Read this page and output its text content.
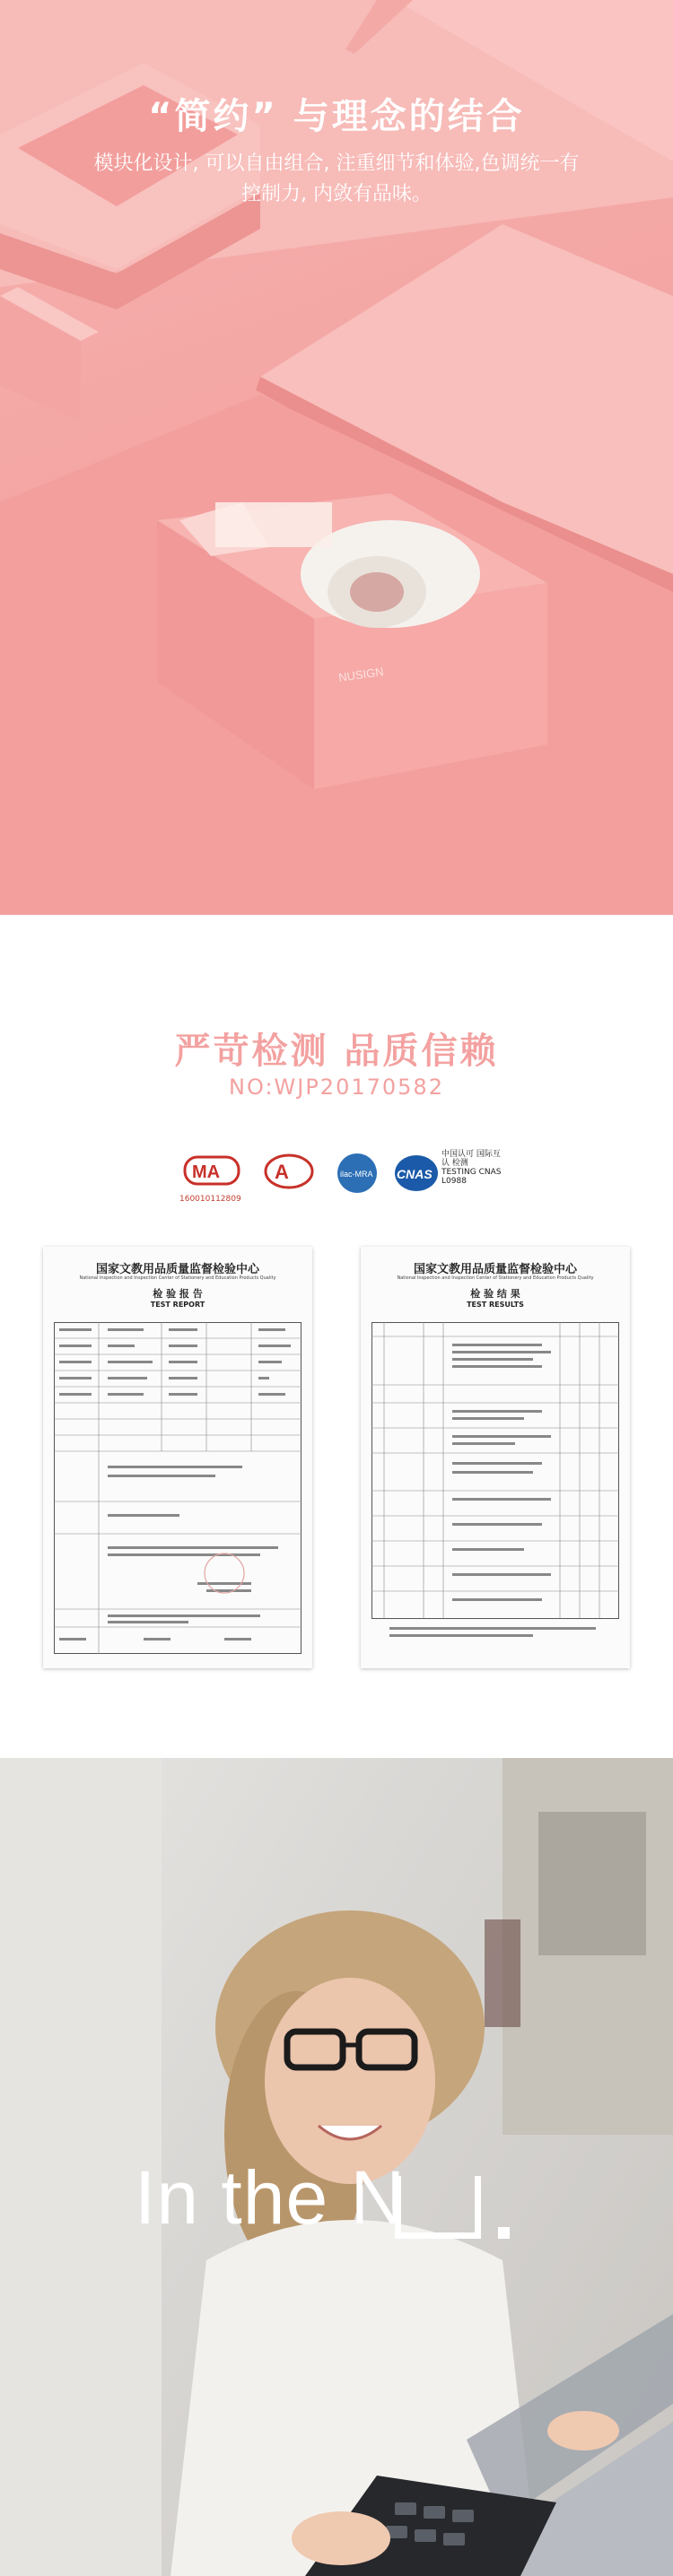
NUSIGN
“简约” 与理念的结合
模块化设计, 可以自由组合, 注重细节和体验,色调统一有控制力, 内敛有品味。
严苛检测 品质信赖
NO:WJP20170582
MA
160010112809
A	ilac-MRA CNAS
中国认可 国际互认 检测 TESTING CNAS L0988
国家文教用品质量监督检验中心
National Inspection and Inspection Center of Stationery and Education Products Quality
检 验 报 告
TEST REPORT
国家文教用品质量监督检验中心
National Inspection and Inspection Center of Stationery and Education Products Quality
检 验 结 果
TEST RESULTS
In the N
